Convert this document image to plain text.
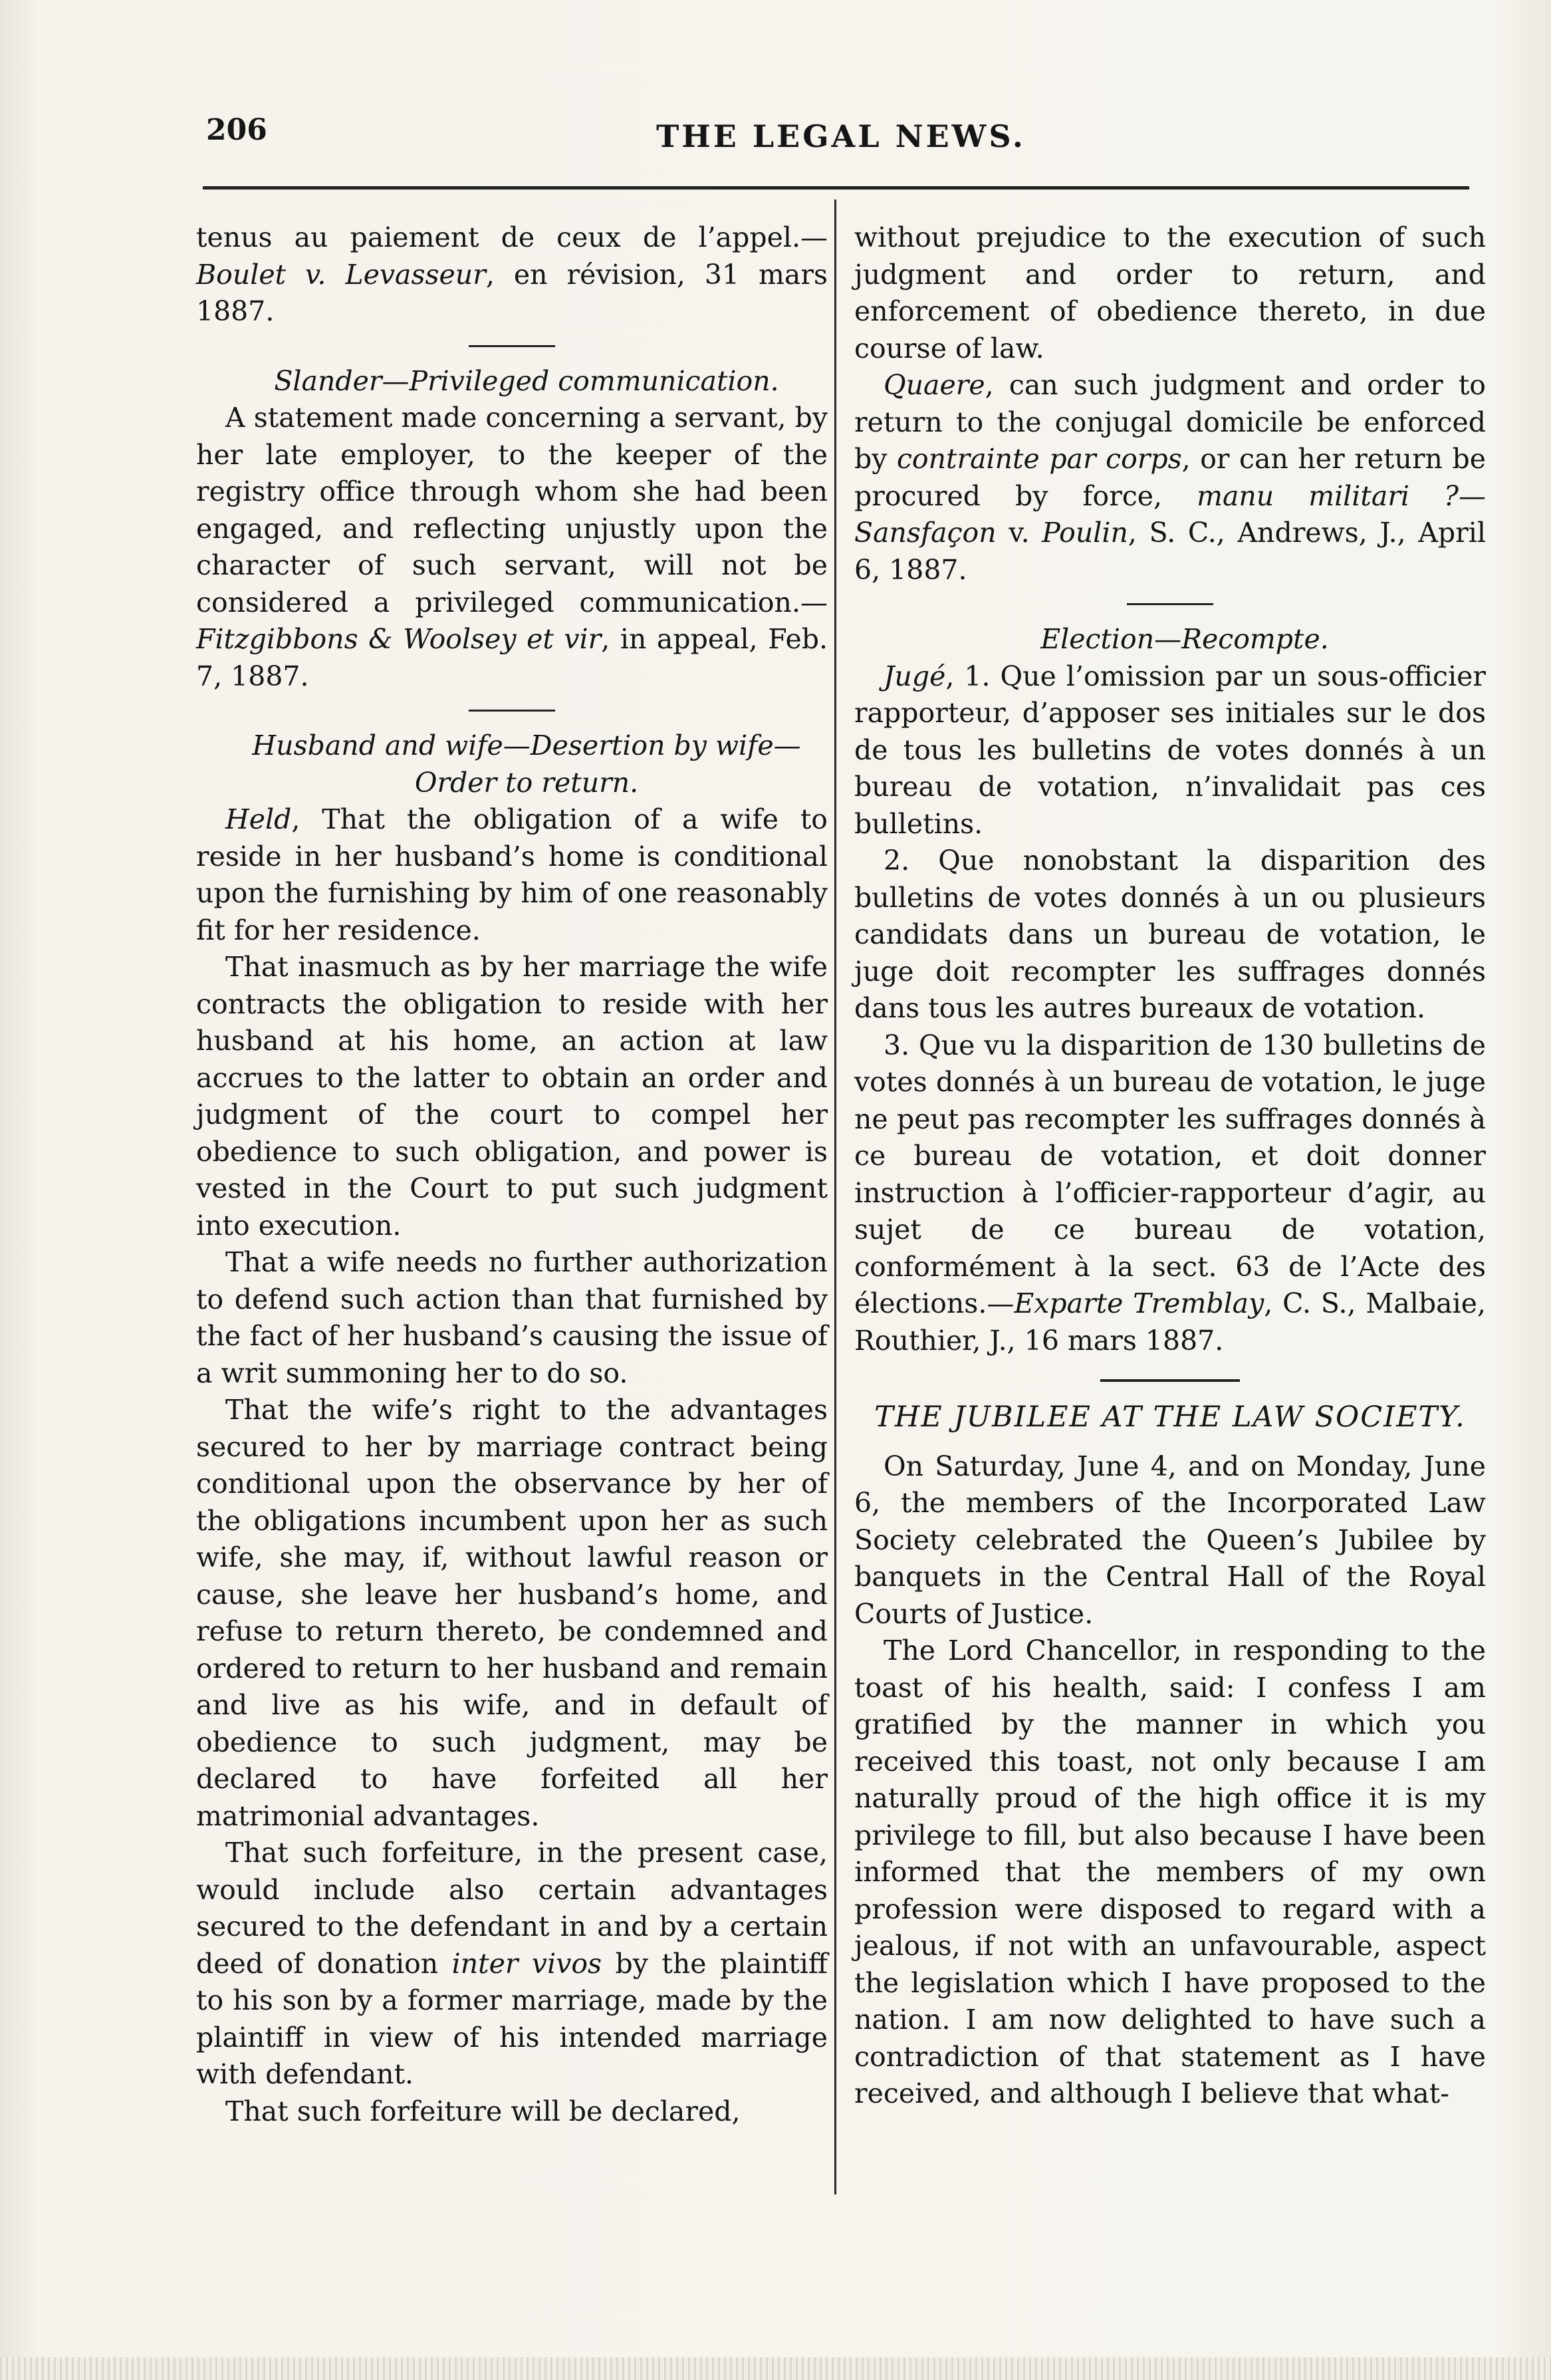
206	THE LEGAL NEWS.

tenus au paiement de ceux de l’appel.—Boulet v. Levasseur, en révision, 31 mars 1887.

Slander—Privileged communication.

A statement made concerning a servant, by her late employer, to the keeper of the registry office through whom she had been engaged, and reflecting unjustly upon the character of such servant, will not be considered a privileged communication.—Fitzgibbons & Woolsey et vir, in appeal, Feb. 7, 1887.

Husband and wife—Desertion by wife—

Order to return.

Held, That the obligation of a wife to reside in her husband’s home is conditional upon the furnishing by him of one reasonably fit for her residence.

That inasmuch as by her marriage the wife contracts the obligation to reside with her husband at his home, an action at law accrues to the latter to obtain an order and judgment of the court to compel her obedience to such obligation, and power is vested in the Court to put such judgment into execution.

That a wife needs no further authorization to defend such action than that furnished by the fact of her husband’s causing the issue of a writ summoning her to do so.

That the wife’s right to the advantages secured to her by marriage contract being conditional upon the observance by her of the obligations incumbent upon her as such wife, she may, if, without lawful reason or cause, she leave her husband’s home, and refuse to return thereto, be condemned and ordered to return to her husband and remain and live as his wife, and in default of obedience to such judgment, may be declared to have forfeited all her matrimonial advantages.

That such forfeiture, in the present case, would include also certain advantages secured to the defendant in and by a certain deed of donation inter vivos by the plaintiff to his son by a former marriage, made by the plaintiff in view of his intended marriage with defendant.

That such forfeiture will be declared,

without prejudice to the execution of such judgment and order to return, and enforcement of obedience thereto, in due course of law.

Quaere, can such judgment and order to return to the conjugal domicile be enforced by contrainte par corps, or can her return be procured by force, manu militari ?—Sansfaçon v. Poulin, S. C., Andrews, J., April 6, 1887.

Election—Recompte.

Jugé, 1. Que l’omission par un sous-officier rapporteur, d’apposer ses initiales sur le dos de tous les bulletins de votes donnés à un bureau de votation, n’invalidait pas ces bulletins.

2. Que nonobstant la disparition des bulletins de votes donnés à un ou plusieurs candidats dans un bureau de votation, le juge doit recompter les suffrages donnés dans tous les autres bureaux de votation.

3. Que vu la disparition de 130 bulletins de votes donnés à un bureau de votation, le juge ne peut pas recompter les suffrages donnés à ce bureau de votation, et doit donner instruction à l’officier-rapporteur d’agir, au sujet de ce bureau de votation, conformément à la sect. 63 de l’Acte des élections.—Exparte Tremblay, C. S., Malbaie, Routhier, J., 16 mars 1887.

THE JUBILEE AT THE LAW SOCIETY.

On Saturday, June 4, and on Monday, June 6, the members of the Incorporated Law Society celebrated the Queen’s Jubilee by banquets in the Central Hall of the Royal Courts of Justice.

The Lord Chancellor, in responding to the toast of his health, said: I confess I am gratified by the manner in which you received this toast, not only because I am naturally proud of the high office it is my privilege to fill, but also because I have been informed that the members of my own profession were disposed to regard with a jealous, if not with an unfavourable, aspect the legislation which I have proposed to the nation. I am now delighted to have such a contradiction of that statement as I have received, and although I believe that what-
